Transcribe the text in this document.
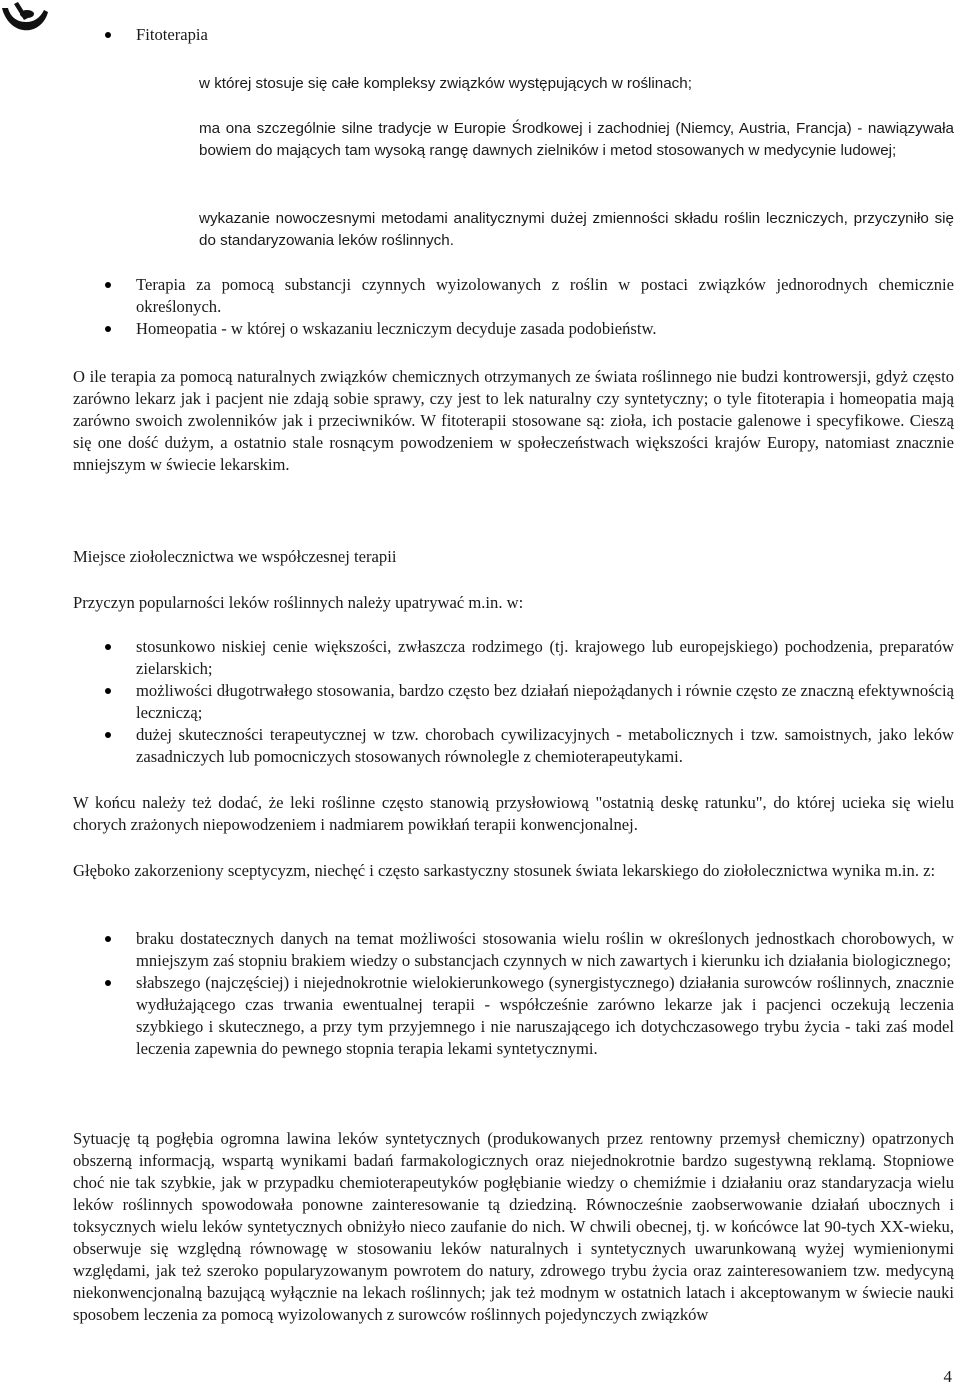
Fitoterapia
w której stosuje się całe kompleksy związków występujących w roślinach;
ma ona szczególnie silne tradycje w Europie Środkowej i zachodniej (Niemcy, Austria, Francja) - nawiązywała bowiem do mających tam wysoką rangę dawnych zielników i metod stosowanych w medycynie ludowej;
wykazanie nowoczesnymi metodami analitycznymi dużej zmienności składu roślin leczniczych, przyczyniło się do standaryzowania leków roślinnych.
Terapia za pomocą substancji czynnych wyizolowanych z roślin w postaci związków jednorodnych chemicznie określonych.
Homeopatia - w której o wskazaniu leczniczym decyduje zasada podobieństw.
O ile terapia za pomocą naturalnych związków chemicznych otrzymanych ze świata roślinnego nie budzi kontrowersji, gdyż często zarówno lekarz jak i pacjent nie zdają sobie sprawy, czy jest to lek naturalny czy syntetyczny; o tyle fitoterapia i homeopatia mają zarówno swoich zwolenników jak i przeciwników. W fitoterapii stosowane są: zioła, ich postacie galenowe i specyfikowe. Cieszą się one dość dużym, a ostatnio stale rosnącym powodzeniem w społeczeństwach większości krajów Europy, natomiast znacznie mniejszym w świecie lekarskim.
Miejsce ziołolecznictwa we współczesnej terapii
Przyczyn popularności leków roślinnych należy upatrywać m.in. w:
stosunkowo niskiej cenie większości, zwłaszcza rodzimego (tj. krajowego lub europejskiego) pochodzenia, preparatów zielarskich;
możliwości długotrwałego stosowania, bardzo często bez działań niepożądanych i równie często ze znaczną efektywnością leczniczą;
dużej skuteczności terapeutycznej w tzw. chorobach cywilizacyjnych - metabolicznych i tzw. samoistnych, jako leków zasadniczych lub pomocniczych stosowanych równolegle z chemioterapeutykami.
W końcu należy też dodać, że leki roślinne często stanowią przysłowiową "ostatnią deskę ratunku", do której ucieka się wielu chorych zrażonych niepowodzeniem i nadmiarem powikłań terapii konwencjonalnej.
Głęboko zakorzeniony sceptycyzm, niechęć i często sarkastyczny stosunek świata lekarskiego do ziołolecznictwa wynika m.in. z:
braku dostatecznych danych na temat możliwości stosowania wielu roślin w określonych jednostkach chorobowych, w mniejszym zaś stopniu brakiem wiedzy o substancjach czynnych w nich zawartych i kierunku ich działania biologicznego;
słabszego (najczęściej) i niejednokrotnie wielokierunkowego (synergistycznego) działania surowców roślinnych, znacznie wydłużającego czas trwania ewentualnej terapii - współcześnie zarówno lekarze jak i pacjenci oczekują leczenia szybkiego i skutecznego, a przy tym przyjemnego i nie naruszającego ich dotychczasowego trybu życia - taki zaś model leczenia zapewnia do pewnego stopnia terapia lekami syntetycznymi.
Sytuację tą pogłębia ogromna lawina leków syntetycznych (produkowanych przez rentowny przemysł chemiczny) opatrzonych obszerną informacją, wspartą wynikami badań farmakologicznych oraz niejednokrotnie bardzo sugestywną reklamą. Stopniowe choć nie tak szybkie, jak w przypadku chemioterapeutyków pogłębianie wiedzy o chemiźmie i działaniu oraz standaryzacja wielu leków roślinnych spowodowała ponowne zainteresowanie tą dziedziną. Równocześnie zaobserwowanie działań ubocznych i toksycznych wielu leków syntetycznych obniżyło nieco zaufanie do nich. W chwili obecnej, tj. w końcówce lat 90-tych XX-wieku, obserwuje się względną równowagę w stosowaniu leków naturalnych i syntetycznych uwarunkowaną wyżej wymienionymi względami, jak też szeroko popularyzowanym powrotem do natury, zdrowego trybu życia oraz zainteresowaniem tzw. medycyną niekonwencjonalną bazującą wyłącznie na lekach roślinnych; jak też modnym w ostatnich latach i akceptowanym w świecie nauki sposobem leczenia za pomocą wyizolowanych z surowców roślinnych pojedynczych związków
4
